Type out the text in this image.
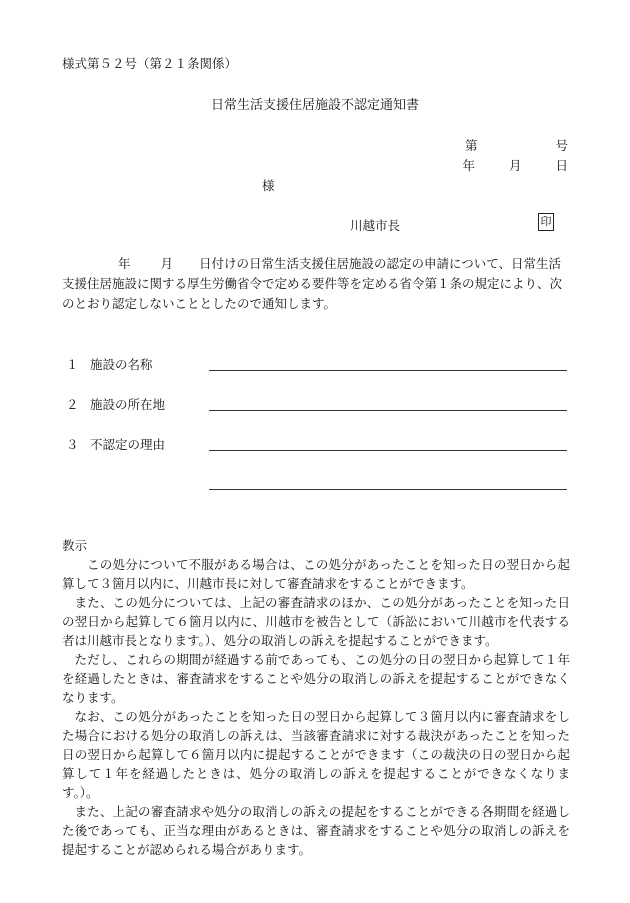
様式第５２号（第２１条関係）
日常生活支援住居施設不認定通知書
第	号
年	月	日
様
川越市長	印
年 月 日付けの日常生活支援住居施設の認定の申請について、日常生活支援住居施設に関する厚生労働省令で定める要件等を定める省令第１条の規定により、次のとおり認定しないこととしたので通知します。
１ 施設の名称
２ 施設の所在地
３ 不認定の理由
教示

この処分について不服がある場合は、この処分があったことを知った日の翌日から起算して３箇月以内に、川越市長に対して審査請求をすることができます。

また、この処分については、上記の審査請求のほか、この処分があったことを知った日の翌日から起算して６箇月以内に、川越市を被告として（訴訟において川越市を代表する者は川越市長となります。）、処分の取消しの訴えを提起することができます。

ただし、これらの期間が経過する前であっても、この処分の日の翌日から起算して１年を経過したときは、審査請求をすることや処分の取消しの訴えを提起することができなくなります。

なお、この処分があったことを知った日の翌日から起算して３箇月以内に審査請求をした場合における処分の取消しの訴えは、当該審査請求に対する裁決があったことを知った日の翌日から起算して６箇月以内に提起することができます（この裁決の日の翌日から起算して１年を経過したときは、処分の取消しの訴えを提起することができなくなります。）。

また、上記の審査請求や処分の取消しの訴えの提起をすることができる各期間を経過した後であっても、正当な理由があるときは、審査請求をすることや処分の取消しの訴えを提起することが認められる場合があります。
